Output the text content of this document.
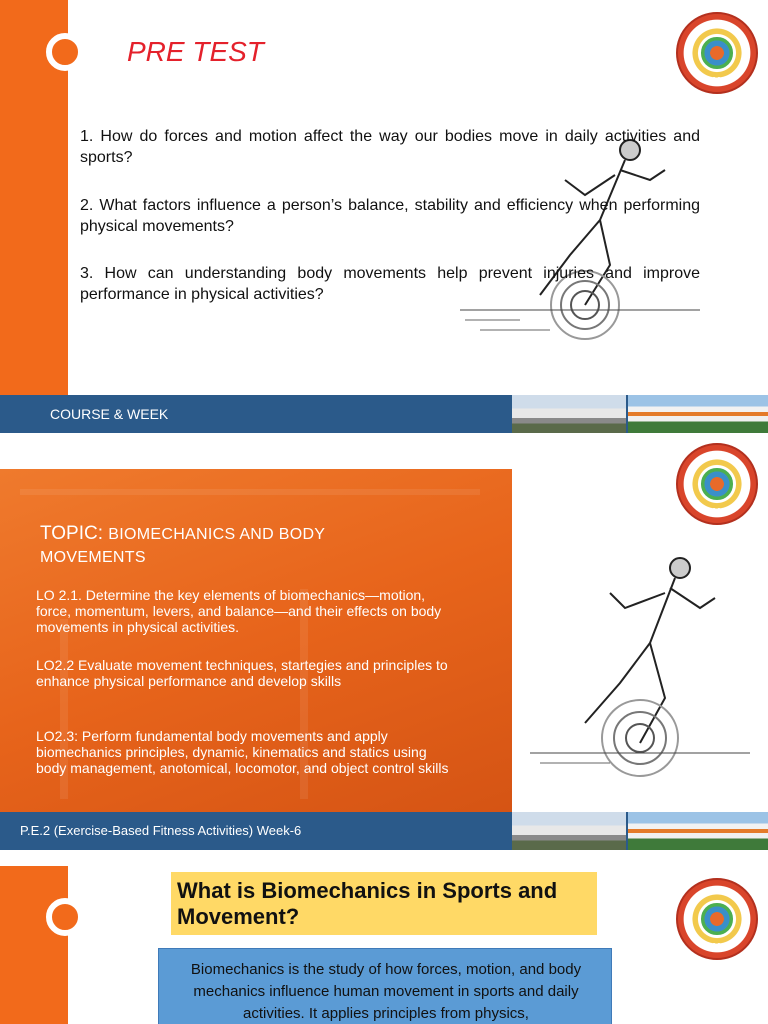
PRE TEST
1993

1. How do forces and motion affect the way our bodies move in daily activities and sports?

2. What factors influence a person’s balance, stability and efficiency when performing physical movements?

3. How can understanding body movements help prevent injuries and improve performance in physical activities?

COURSE & WEEK
TOPIC: BIOMECHANICS AND BODY MOVEMENTS

LO 2.1. Determine the key elements of biomechanics—motion, force, momentum, levers, and balance—and their effects on body movements in physical activities.

LO2.2 Evaluate movement techniques, startegies and principles to enhance physical performance and develop skills

LO2.3: Perform fundamental body movements and apply biomechanics principles, dynamic, kinematics and statics using body management, anotomical, locomotor, and object control skills

1993
P.E.2 (Exercise-Based Fitness Activities) Week-6
What is Biomechanics in Sports and Movement?
1993

Biomechanics is the study of how forces, motion, and body mechanics influence human movement in sports and daily activities. It applies principles from physics,
